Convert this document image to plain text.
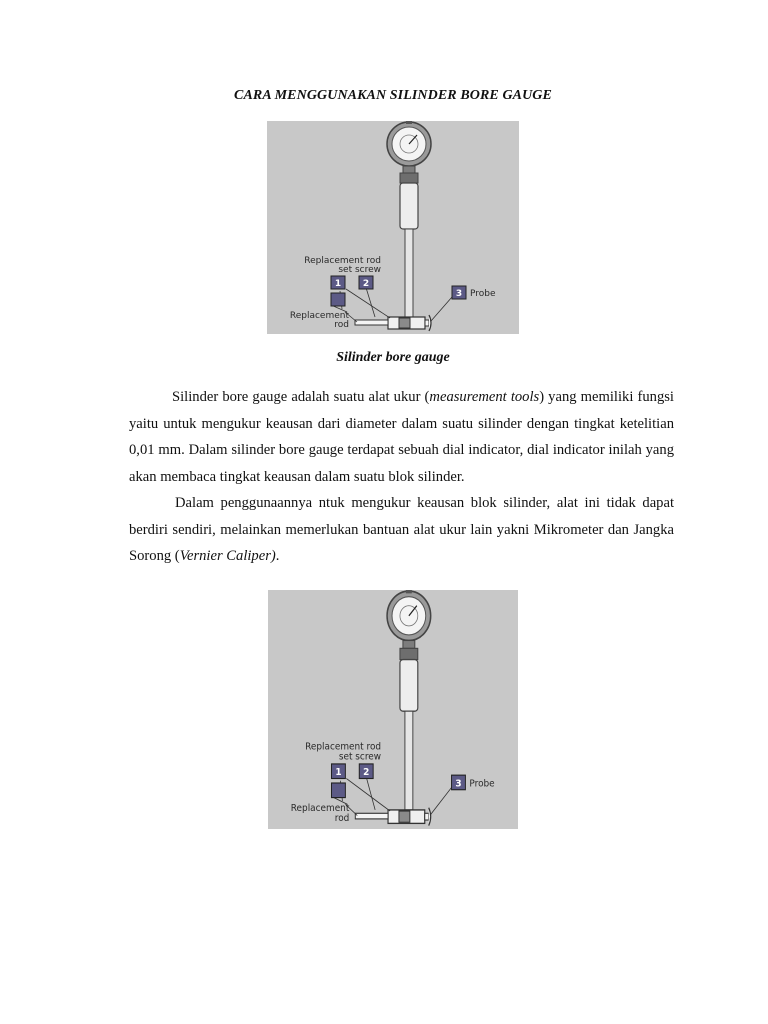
CARA MENGGUNAKAN SILINDER BORE GAUGE
Replacement rod
set screw
Replacement
rod
Probe
1 2
3
Silinder bore gauge

Silinder bore gauge adalah suatu alat ukur (measurement tools) yang memiliki fungsi yaitu untuk mengukur keausan dari diameter dalam suatu silinder dengan tingkat ketelitian 0,01 mm. Dalam silinder bore gauge terdapat sebuah dial indicator, dial indicator inilah yang akan membaca tingkat keausan dalam suatu blok silinder.

Dalam penggunaannya ntuk mengukur keausan blok silinder, alat ini tidak dapat berdiri sendiri, melainkan memerlukan bantuan alat ukur lain yakni Mikrometer dan Jangka Sorong (Vernier Caliper).

Replacement rod
set screw
Replacement
rod
Probe
1 2
3
